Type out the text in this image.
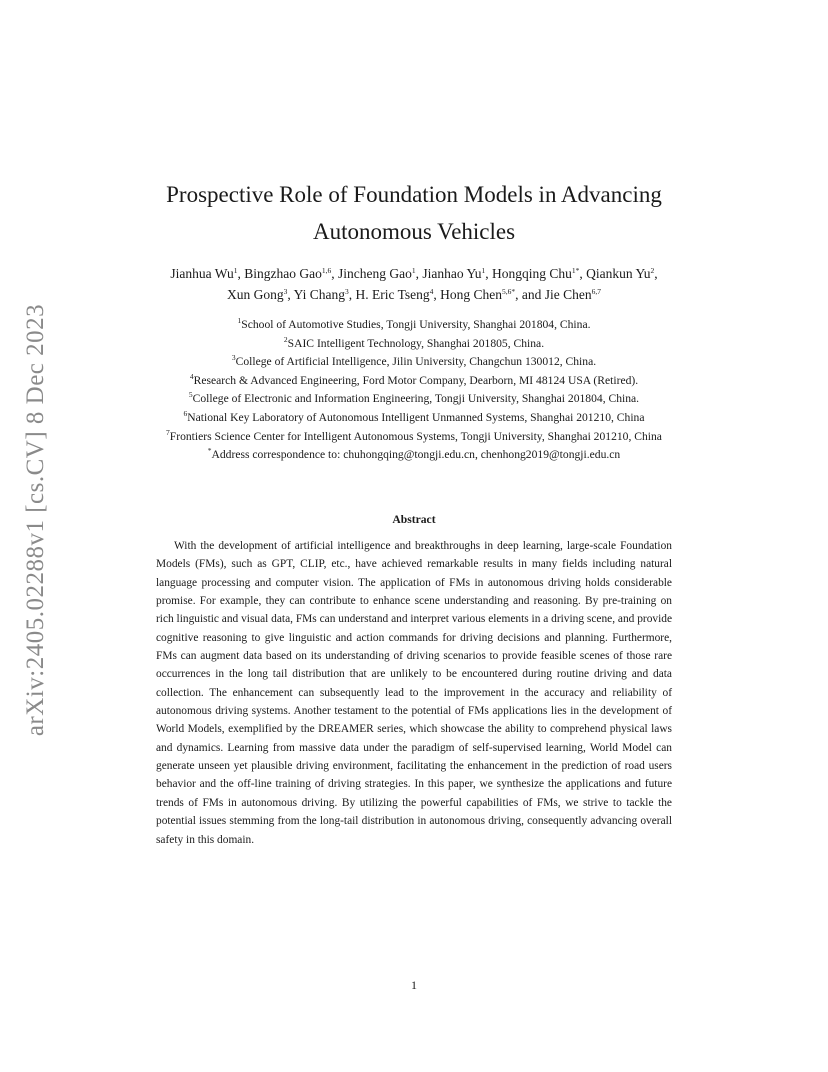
arXiv:2405.02288v1 [cs.CV] 8 Dec 2023
Prospective Role of Foundation Models in Advancing
Autonomous Vehicles
Jianhua Wu$^1$, Bingzhao Gao$^{1,6}$, Jincheng Gao$^1$, Jianhao Yu$^1$, Hongqing Chu$^{1*}$, Qiankun Yu$^2$,
Xun Gong$^3$, Yi Chang$^3$, H. Eric Tseng$^4$, Hong Chen$^{5,6*}$, and Jie Chen$^{6,7}$
$^1$School of Automotive Studies, Tongji University, Shanghai 201804, China.
$^2$SAIC Intelligent Technology, Shanghai 201805, China.
$^3$College of Artificial Intelligence, Jilin University, Changchun 130012, China.
$^4$Research & Advanced Engineering, Ford Motor Company, Dearborn, MI 48124 USA (Retired).
$^5$College of Electronic and Information Engineering, Tongji University, Shanghai 201804, China.
$^6$National Key Laboratory of Autonomous Intelligent Unmanned Systems, Shanghai 201210, China
$^7$Frontiers Science Center for Intelligent Autonomous Systems, Tongji University, Shanghai 201210, China
*Address correspondence to: chuhongqing@tongji.edu.cn, chenhong2019@tongji.edu.cn
Abstract
With the development of artificial intelligence and breakthroughs in deep learning, large-scale Foundation Models (FMs), such as GPT, CLIP, etc., have achieved remarkable results in many fields including natural language processing and computer vision. The application of FMs in autonomous driving holds considerable promise. For example, they can contribute to enhance scene understanding and reasoning. By pre-training on rich linguistic and visual data, FMs can understand and interpret various elements in a driving scene, and provide cognitive reasoning to give linguistic and action commands for driving decisions and planning. Furthermore, FMs can augment data based on its understanding of driving scenarios to provide feasible scenes of those rare occurrences in the long tail distribution that are unlikely to be encountered during routine driving and data collection. The enhancement can subsequently lead to the improvement in the accuracy and reliability of autonomous driving systems. Another testament to the potential of FMs applications lies in the development of World Models, exemplified by the DREAMER series, which showcase the ability to comprehend physical laws and dynamics. Learning from massive data under the paradigm of self-supervised learning, World Model can generate unseen yet plausible driving environment, facilitating the enhancement in the prediction of road users behavior and the off-line training of driving strategies. In this paper, we synthesize the applications and future trends of FMs in autonomous driving. By utilizing the powerful capabilities of FMs, we strive to tackle the potential issues stemming from the long-tail distribution in autonomous driving, consequently advancing overall safety in this domain.
1
